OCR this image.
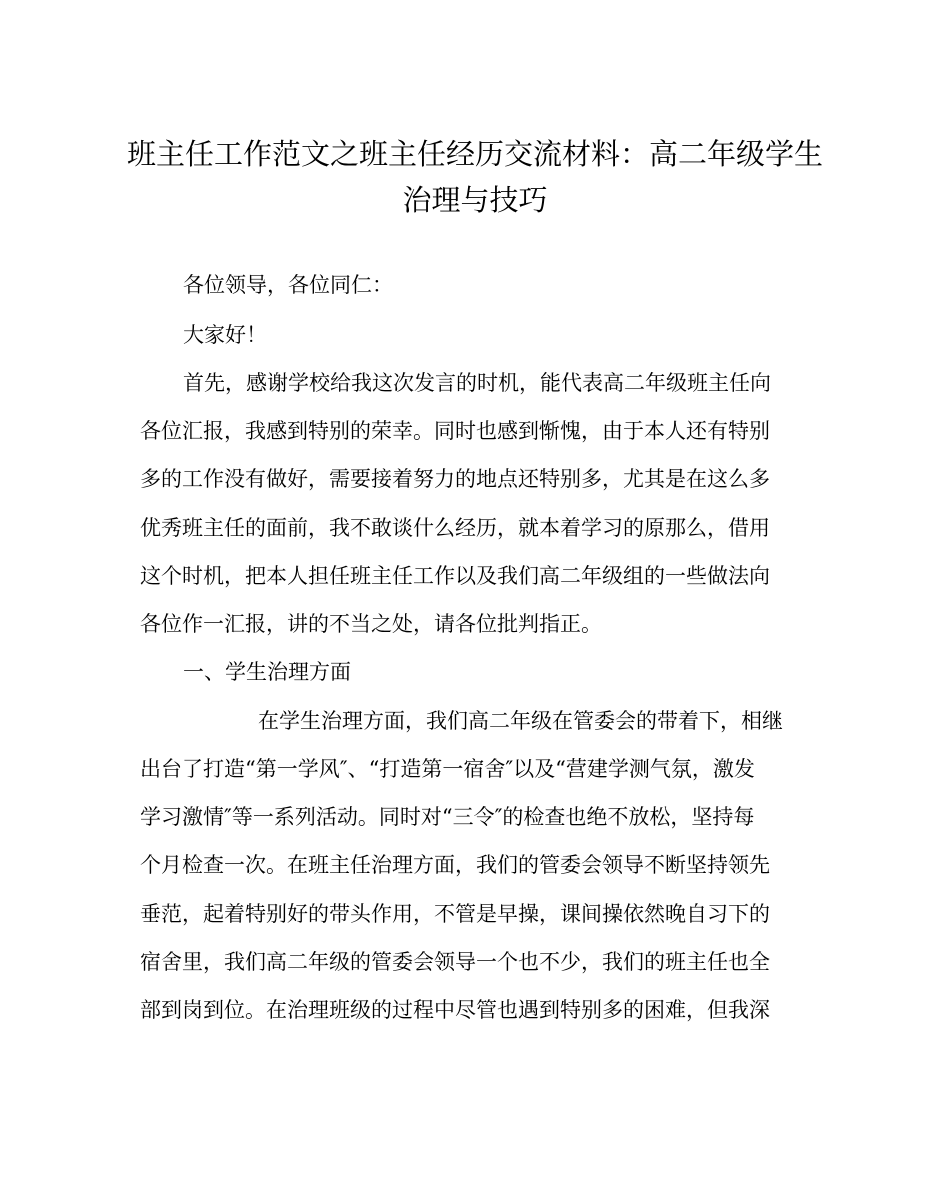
班主任工作范文之班主任经历交流材料：高二年级学生
治理与技巧
各位领导，各位同仁：
大家好！
首先，感谢学校给我这次发言的时机，能代表高二年级班主任向
各位汇报，我感到特别的荣幸。同时也感到惭愧，由于本人还有特别
多的工作没有做好，需要接着努力的地点还特别多，尤其是在这么多
优秀班主任的面前，我不敢谈什么经历，就本着学习的原那么，借用
这个时机，把本人担任班主任工作以及我们高二年级组的一些做法向
各位作一汇报，讲的不当之处，请各位批判指正。
一、学生治理方面
在学生治理方面，我们高二年级在管委会的带着下，相继
出台了打造“第一学风″、“打造第一宿舍″以及“营建学测气氛，激发
学习激情″等一系列活动。同时对“三令″的检查也绝不放松，坚持每
个月检查一次。在班主任治理方面，我们的管委会领导不断坚持领先
垂范，起着特别好的带头作用，不管是早操，课间操依然晚自习下的
宿舍里，我们高二年级的管委会领导一个也不少，我们的班主任也全
部到岗到位。在治理班级的过程中尽管也遇到特别多的困难，但我深
